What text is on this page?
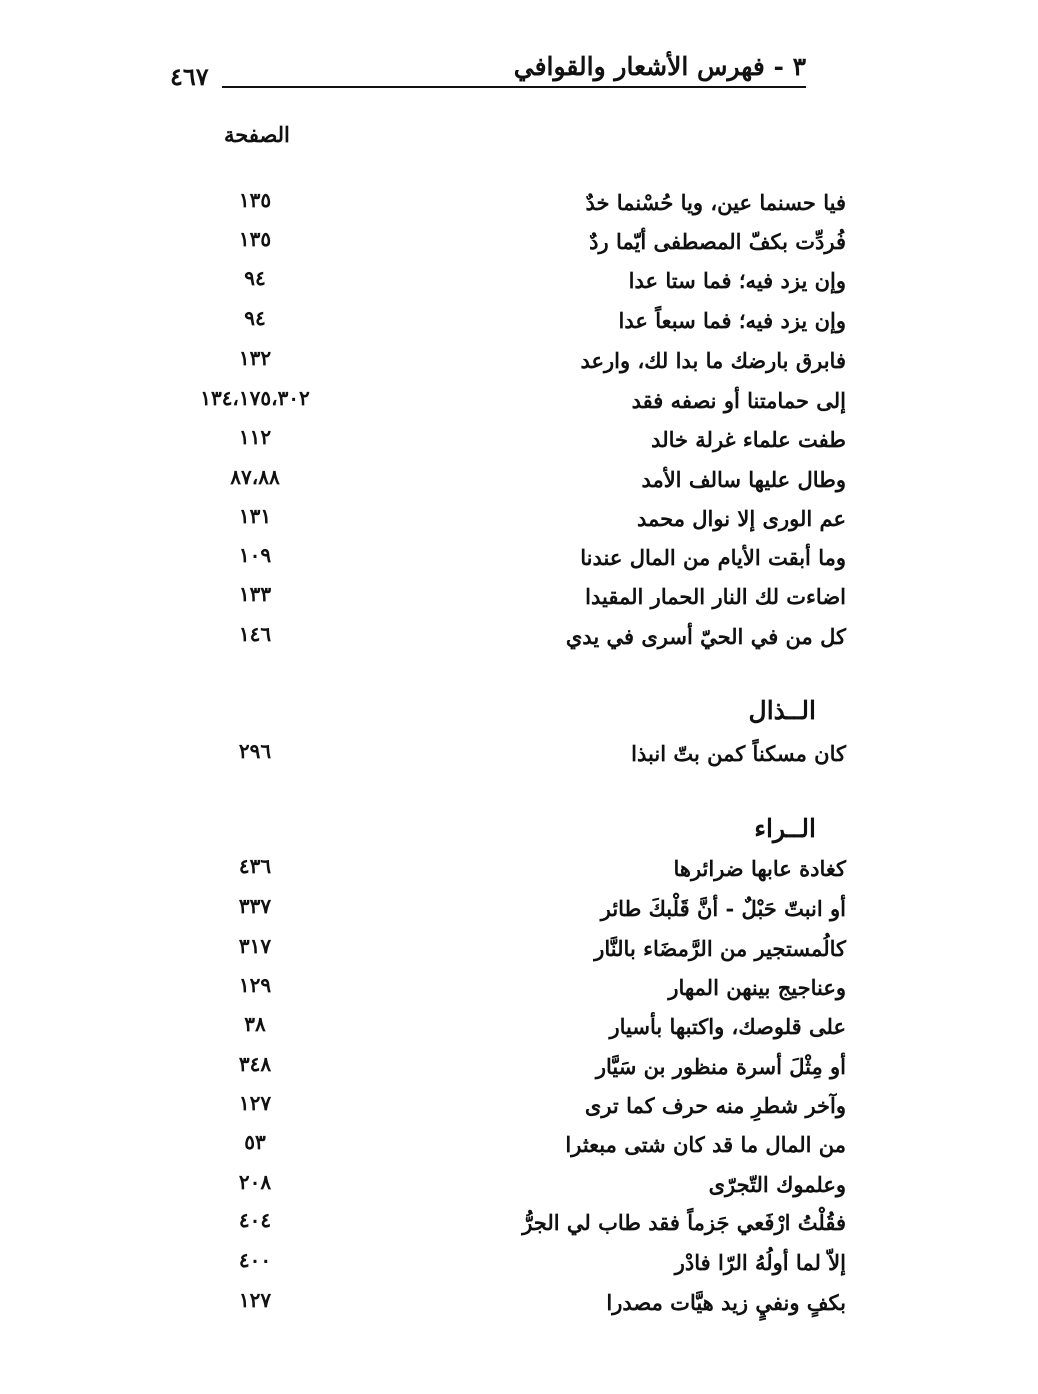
٣ - فهرس الأشعار والقوافي
٤٦٧
الصفحة
فيا حسنما عين، ويا حُسْنما خدٌ
١٣٥
فُردِّت بكفّ المصطفى أيّما ردٌ
١٣٥
وإن يزد فيه؛ فما ستا عدا
٩٤
وإن يزد فيه؛ فما سبعاً عدا
٩٤
فابرق بارضك ما بدا لك، وارعد
١٣٢
إلى حمامتنا أو نصفه فقد
١٣٤،١٧٥،٣٠٢
طفت علماء غرلة خالد
١١٢
وطال عليها سالف الأمد
٨٧،٨٨
عم الورى إلا نوال محمد
١٣١
وما أبقت الأيام من المال عندنا
١٠٩
اضاءت لك النار الحمار المقيدا
١٣٣
كل من في الحيّ أسرى في يدي
١٤٦
الــذال
كان مسكناً كمن بتّ انبذا
٢٩٦
الــراء
كغادة عابها ضرائرها
٤٣٦
أو انبتّ حَبْلٌ - أنَّ قَلْبكَ طائر
٣٣٧
كالُمستجير من الرَّمضَاء بالنَّار
٣١٧
وعناجيج بينهن المهار
١٢٩
على قلوصك، واكتبها بأسيار
٣٨
أو مِثْلَ أسرة منظور بن سَيَّار
٣٤٨
وآخر شطرِ منه حرف كما ترى
١٢٧
من المال ما قد كان شتى مبعثرا
٥٣
وعلموك التّجرّى
٢٠٨
فقُلْتُ ارْفَعي جَزماً فقد طاب لي الجرُّ
٤٠٤
إلاّ لما أولُهُ الرّا فادْر
٤٠٠
بكفٍ ونفيٍ زيد هيَّات مصدرا
١٢٧
